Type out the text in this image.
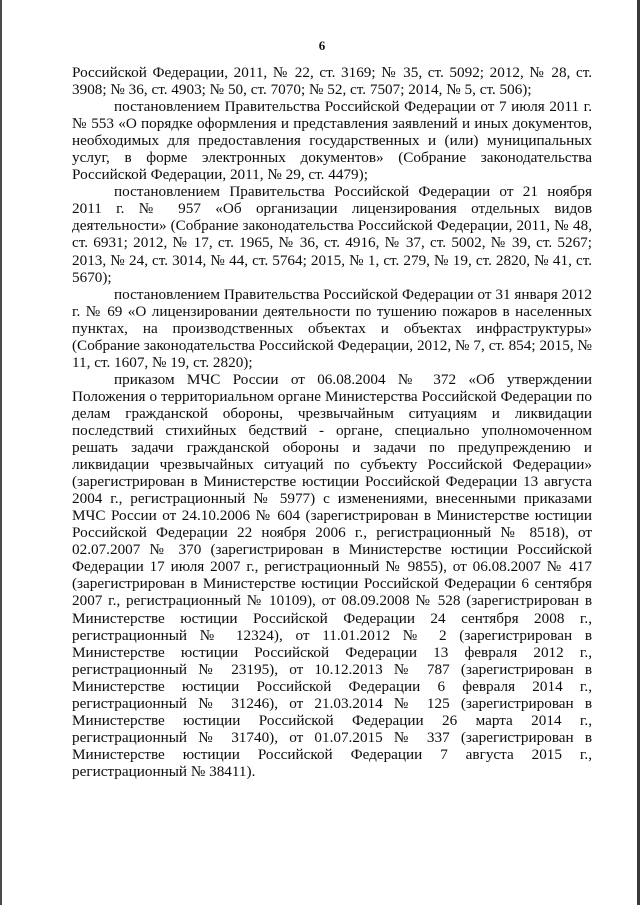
6

Российской Федерации, 2011, № 22, ст. 3169; № 35, ст. 5092; 2012, № 28, ст. 3908; № 36, ст. 4903; № 50, ст. 7070; № 52, ст. 7507; 2014, № 5, ст. 506);

постановлением Правительства Российской Федерации от 7 июля 2011 г. № 553 «О порядке оформления и представления заявлений и иных документов, необходимых для предоставления государственных и (или) муниципальных услуг, в форме электронных документов» (Собрание законодательства Российской Федерации, 2011, № 29, ст. 4479);

постановлением Правительства Российской Федерации от 21 ноября 2011 г. № 957 «Об организации лицензирования отдельных видов деятельности» (Собрание законодательства Российской Федерации, 2011, № 48, ст. 6931; 2012, № 17, ст. 1965, № 36, ст. 4916, № 37, ст. 5002, № 39, ст. 5267; 2013, № 24, ст. 3014, № 44, ст. 5764; 2015, № 1, ст. 279, № 19, ст. 2820, № 41, ст. 5670);

постановлением Правительства Российской Федерации от 31 января 2012 г. № 69 «О лицензировании деятельности по тушению пожаров в населенных пунктах, на производственных объектах и объектах инфраструктуры» (Собрание законодательства Российской Федерации, 2012, № 7, ст. 854; 2015, № 11, ст. 1607, № 19, ст. 2820);

приказом МЧС России от 06.08.2004 № 372 «Об утверждении Положения о территориальном органе Министерства Российской Федерации по делам гражданской обороны, чрезвычайным ситуациям и ликвидации последствий стихийных бедствий - органе, специально уполномоченном решать задачи гражданской обороны и задачи по предупреждению и ликвидации чрезвычайных ситуаций по субъекту Российской Федерации» (зарегистрирован в Министерстве юстиции Российской Федерации 13 августа 2004 г., регистрационный № 5977) с изменениями, внесенными приказами МЧС России от 24.10.2006 № 604 (зарегистрирован в Министерстве юстиции Российской Федерации 22 ноября 2006 г., регистрационный № 8518), от 02.07.2007 № 370 (зарегистрирован в Министерстве юстиции Российской Федерации 17 июля 2007 г., регистрационный № 9855), от 06.08.2007 № 417 (зарегистрирован в Министерстве юстиции Российской Федерации 6 сентября 2007 г., регистрационный № 10109), от 08.09.2008 № 528 (зарегистрирован в Министерстве юстиции Российской Федерации 24 сентября 2008 г., регистрационный № 12324), от 11.01.2012 № 2 (зарегистрирован в Министерстве юстиции Российской Федерации 13 февраля 2012 г., регистрационный № 23195), от 10.12.2013 № 787 (зарегистрирован в Министерстве юстиции Российской Федерации 6 февраля 2014 г., регистрационный № 31246), от 21.03.2014 № 125 (зарегистрирован в Министерстве юстиции Российской Федерации 26 марта 2014 г., регистрационный № 31740), от 01.07.2015 № 337 (зарегистрирован в Министерстве юстиции Российской Федерации 7 августа 2015 г., регистрационный № 38411).
